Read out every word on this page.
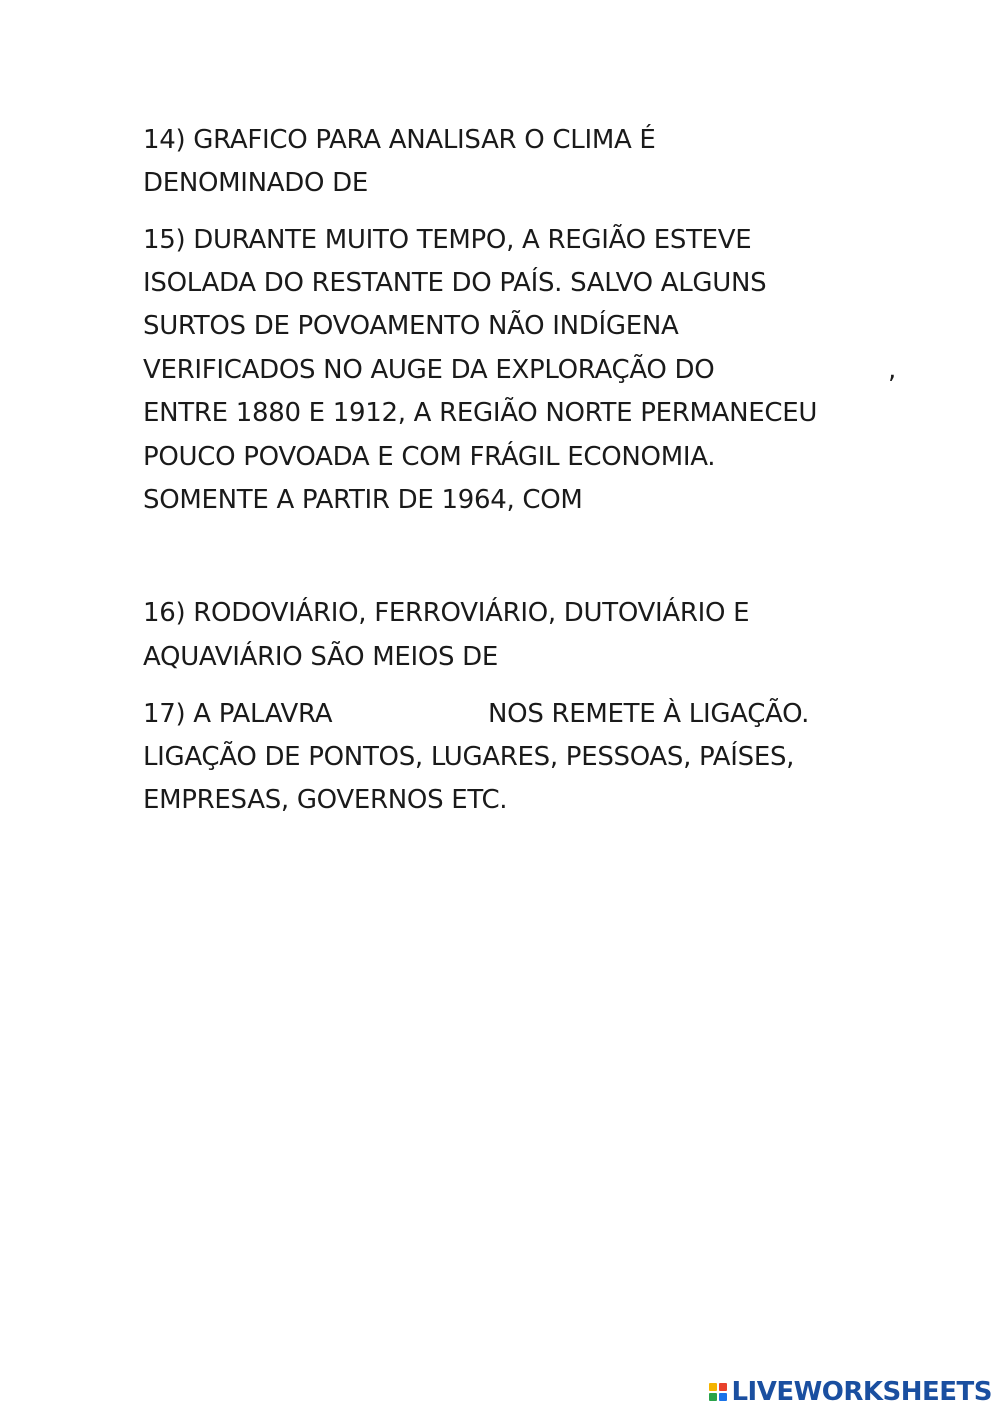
14) GRAFICO PARA ANALISAR O CLIMA É
DENOMINADO DE
15) DURANTE MUITO TEMPO, A REGIÃO ESTEVE
ISOLADA DO RESTANTE DO PAÍS. SALVO ALGUNS
SURTOS DE POVOAMENTO NÃO INDÍGENA
VERIFICADOS NO AUGE DA EXPLORAÇÃO DO	,
ENTRE 1880 E 1912, A REGIÃO NORTE PERMANECEU
POUCO POVOADA E COM FRÁGIL ECONOMIA.
SOMENTE A PARTIR DE 1964, COM
16) RODOVIÁRIO, FERROVIÁRIO, DUTOVIÁRIO E
AQUAVIÁRIO SÃO MEIOS DE
17) A PALAVRA	NOS REMETE À LIGAÇÃO.
LIGAÇÃO DE PONTOS, LUGARES, PESSOAS, PAÍSES,
EMPRESAS, GOVERNOS ETC.
LIVEWORKSHEETS
